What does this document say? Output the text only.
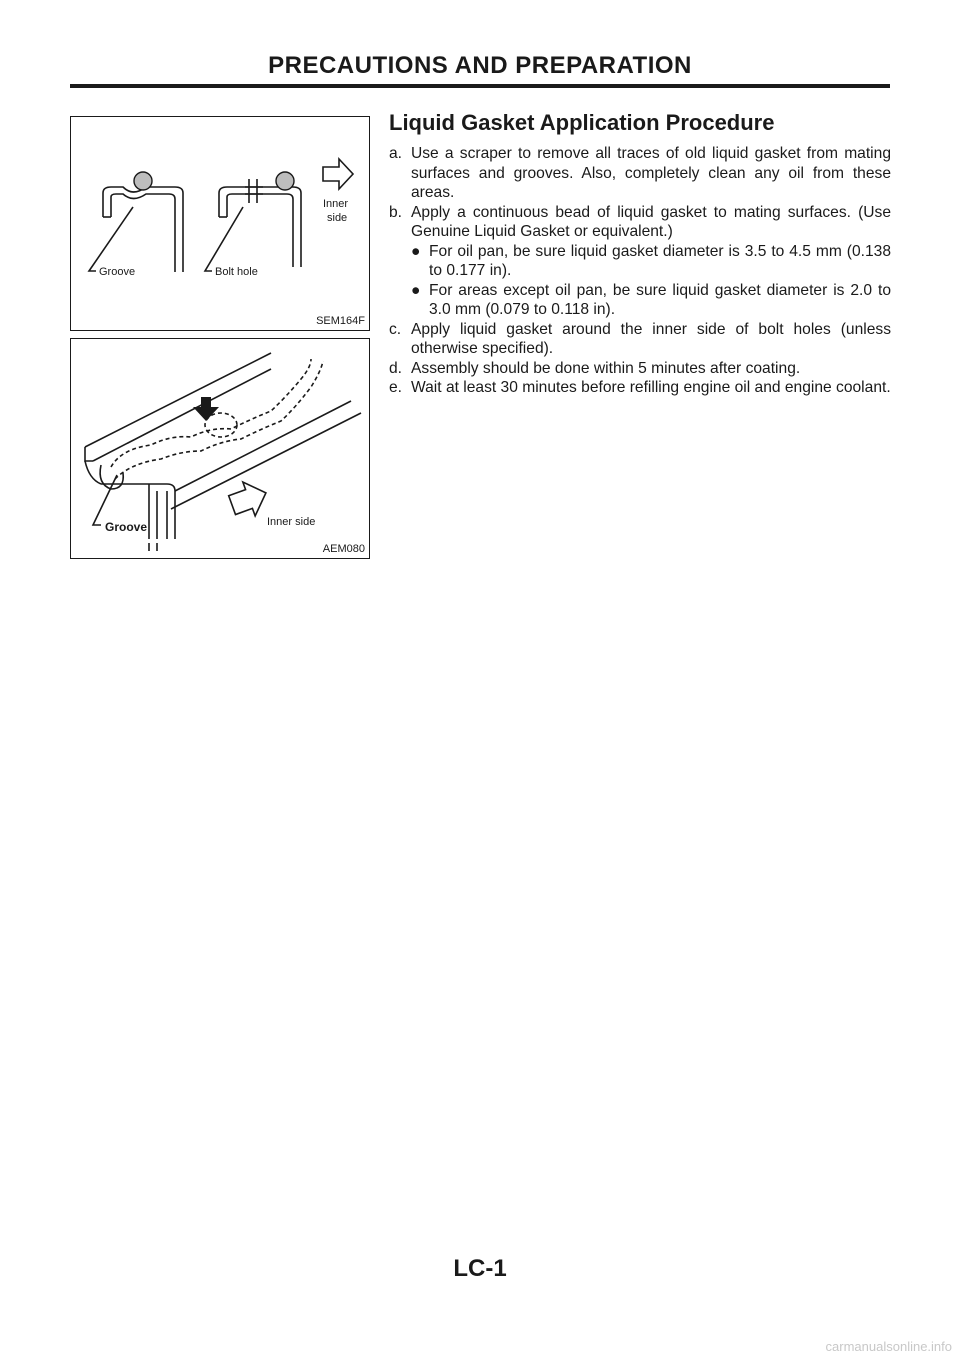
PRECAUTIONS AND PREPARATION
Groove	Bolt hole
Inner
side
SEM164F
Groove	Inner side
AEM080
Liquid Gasket Application Procedure

a. Use a scraper to remove all traces of old liquid gasket from mating surfaces and grooves. Also, completely clean any oil from these areas.

b. Apply a continuous bead of liquid gasket to mating surfaces. (Use Genuine Liquid Gasket or equivalent.)

● For oil pan, be sure liquid gasket diameter is 3.5 to 4.5 mm (0.138 to 0.177 in).
● For areas except oil pan, be sure liquid gasket diameter is 2.0 to 3.0 mm (0.079 to 0.118 in).

c. Apply liquid gasket around the inner side of bolt holes (unless otherwise specified).

d. Assembly should be done within 5 minutes after coating.

e. Wait at least 30 minutes before refilling engine oil and engine coolant.

LC-1
carmanualsonline.info
